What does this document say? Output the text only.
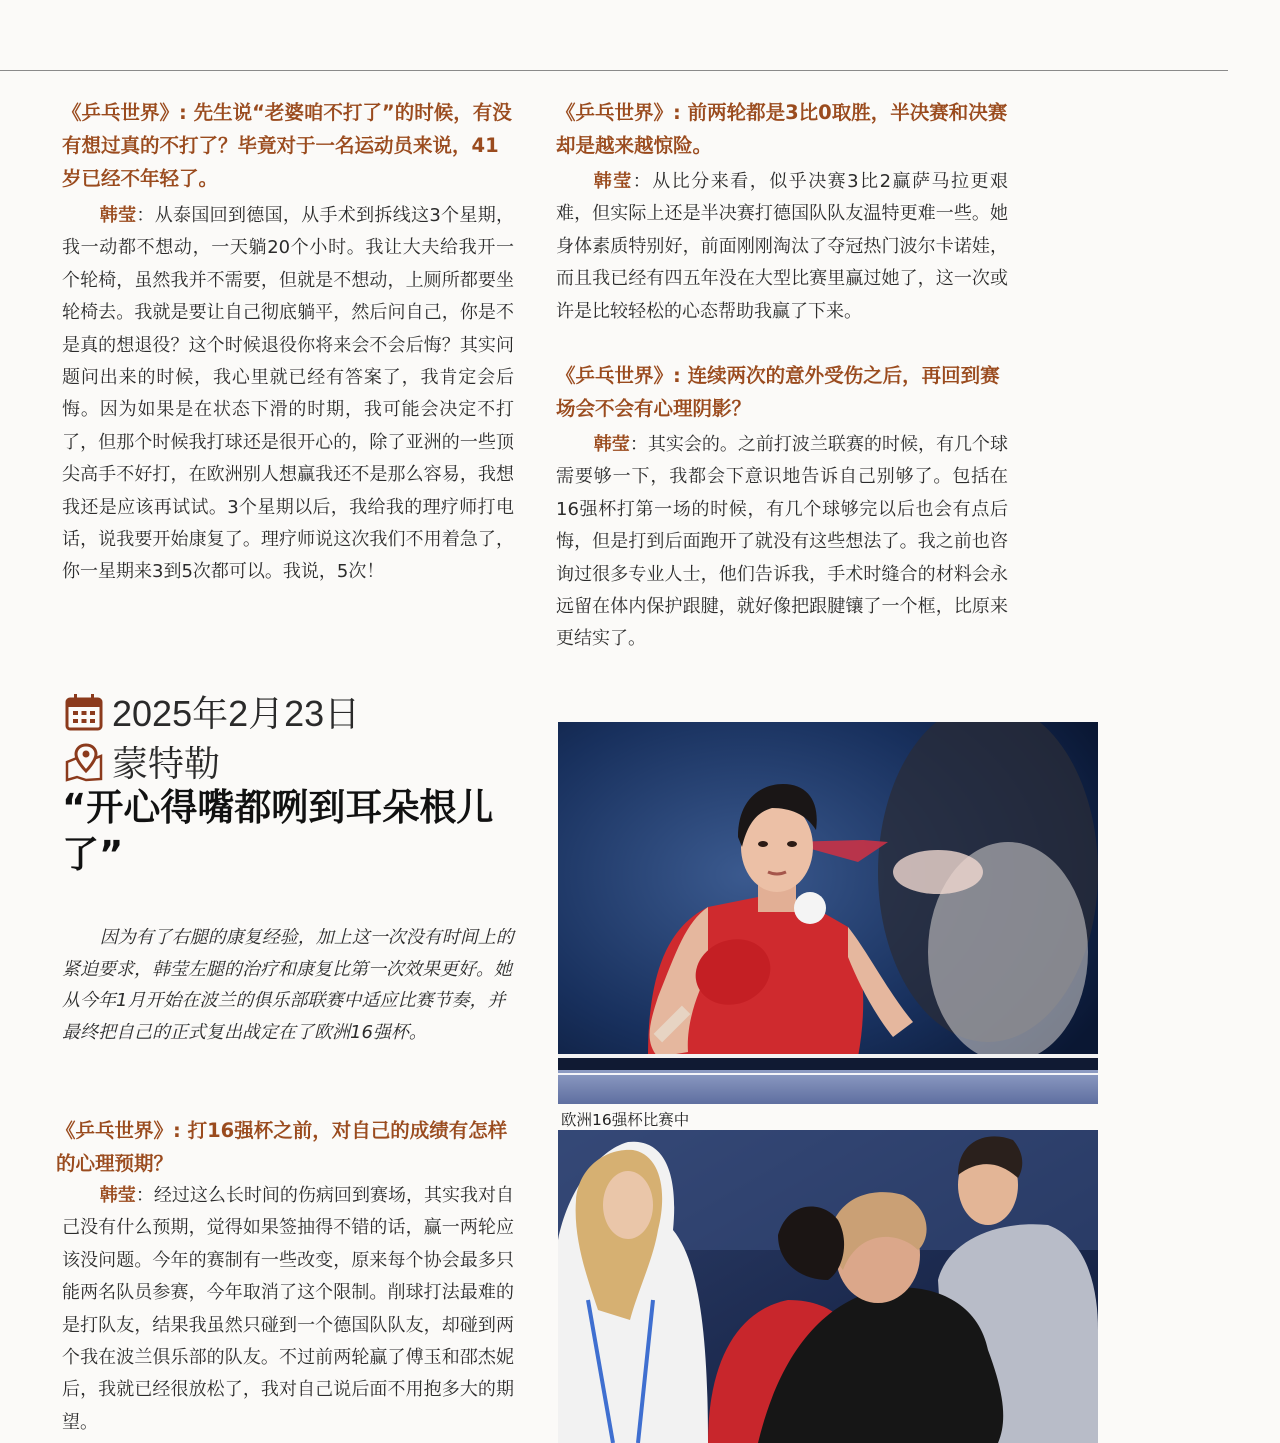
《乒乓世界》: 先生说“老婆咱不打了”的时候，有没有想过真的不打了？毕竟对于一名运动员来说，41岁已经不年轻了。

韩莹：从泰国回到德国，从手术到拆线这3个星期，我一动都不想动，一天躺20个小时。我让大夫给我开一个轮椅，虽然我并不需要，但就是不想动，上厕所都要坐轮椅去。我就是要让自己彻底躺平，然后问自己，你是不是真的想退役？这个时候退役你将来会不会后悔？其实问题问出来的时候，我心里就已经有答案了，我肯定会后悔。因为如果是在状态下滑的时期，我可能会决定不打了，但那个时候我打球还是很开心的，除了亚洲的一些顶尖高手不好打，在欧洲别人想赢我还不是那么容易，我想我还是应该再试试。3个星期以后，我给我的理疗师打电话，说我要开始康复了。理疗师说这次我们不用着急了，你一星期来3到5次都可以。我说，5次！

2025年2月23日
蒙特勒
“开心得嘴都咧到耳朵根儿了”

因为有了右腿的康复经验，加上这一次没有时间上的紧迫要求，韩莹左腿的治疗和康复比第一次效果更好。她从今年1月开始在波兰的俱乐部联赛中适应比赛节奏，并最终把自己的正式复出战定在了欧洲16强杯。

《乒乓世界》: 打16强杯之前，对自己的成绩有怎样的心理预期？

韩莹：经过这么长时间的伤病回到赛场，其实我对自己没有什么预期，觉得如果签抽得不错的话，赢一两轮应该没问题。今年的赛制有一些改变，原来每个协会最多只能两名队员参赛，今年取消了这个限制。削球打法最难的是打队友，结果我虽然只碰到一个德国队队友，却碰到两个我在波兰俱乐部的队友。不过前两轮赢了傅玉和邵杰妮后，我就已经很放松了，我对自己说后面不用抱多大的期望。

《乒乓世界》: 前两轮都是3比0取胜，半决赛和决赛却是越来越惊险。

韩莹：从比分来看，似乎决赛3比2赢萨马拉更艰难，但实际上还是半决赛打德国队队友温特更难一些。她身体素质特别好，前面刚刚淘汰了夺冠热门波尔卡诺娃，而且我已经有四五年没在大型比赛里赢过她了，这一次或许是比较轻松的心态帮助我赢了下来。

《乒乓世界》: 连续两次的意外受伤之后，再回到赛场会不会有心理阴影？

韩莹：其实会的。之前打波兰联赛的时候，有几个球需要够一下，我都会下意识地告诉自己别够了。包括在16强杯打第一场的时候，有几个球够完以后也会有点后悔，但是打到后面跑开了就没有这些想法了。我之前也咨询过很多专业人士，他们告诉我，手术时缝合的材料会永远留在体内保护跟腱，就好像把跟腱镶了一个框，比原来更结实了。

欧洲16强杯比赛中
